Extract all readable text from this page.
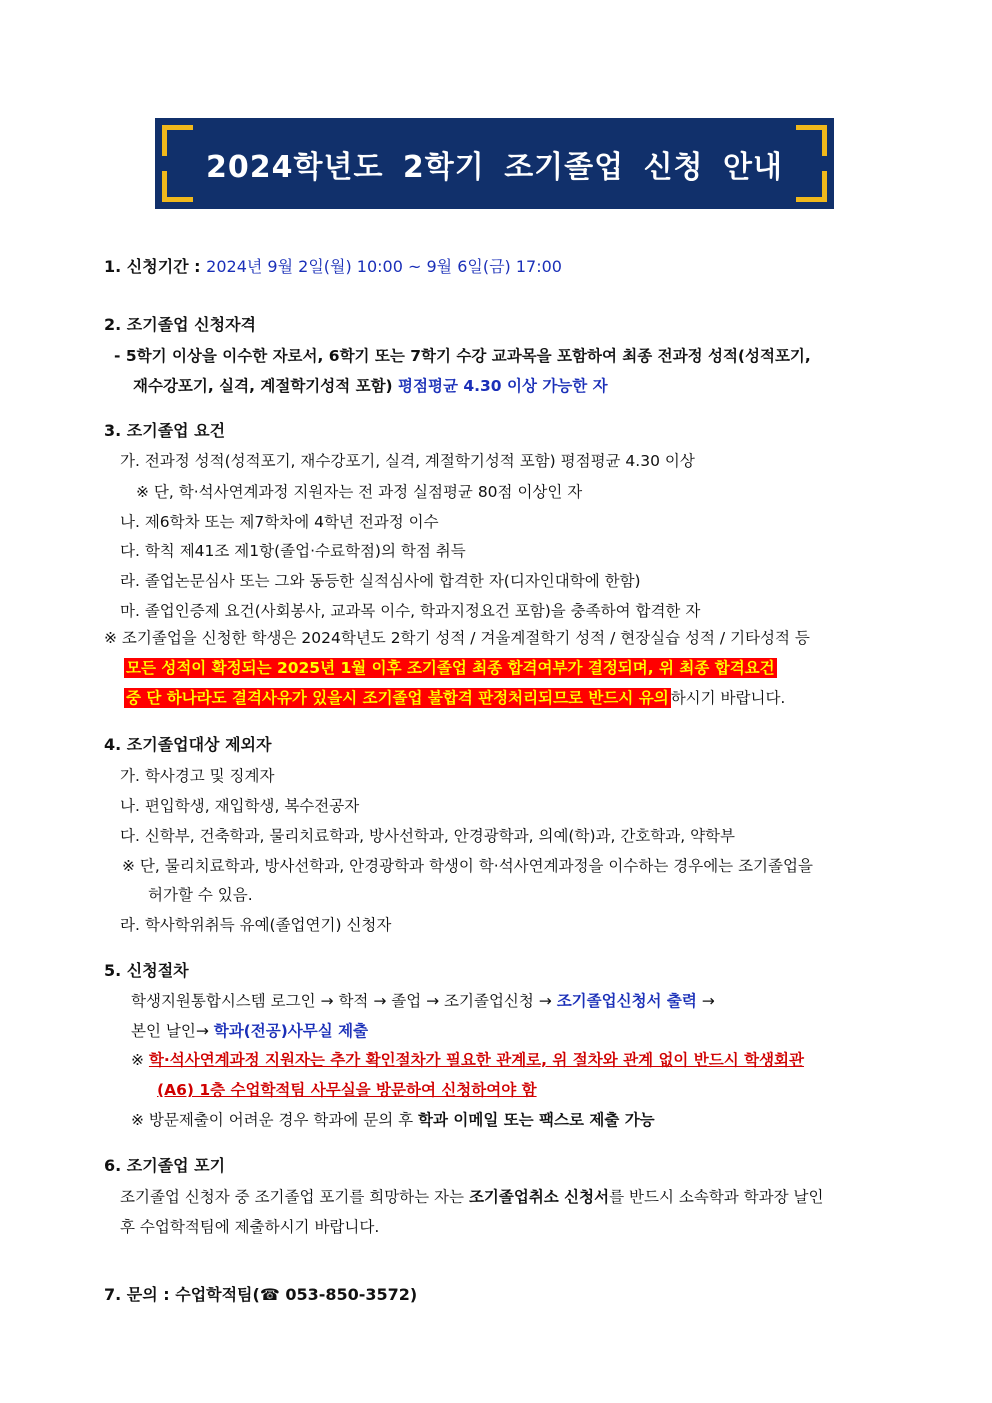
2024학년도 2학기 조기졸업 신청 안내
1. 신청기간 : 2024년 9월 2일(월) 10:00 ~ 9월 6일(금) 17:00
2. 조기졸업 신청자격
- 5학기 이상을 이수한 자로서, 6학기 또는 7학기 수강 교과목을 포함하여 최종 전과정 성적(성적포기,
재수강포기, 실격, 계절학기성적 포함) 평점평균 4.30 이상 가능한 자
3. 조기졸업 요건
가. 전과정 성적(성적포기, 재수강포기, 실격, 계절학기성적 포함) 평점평균 4.30 이상
※ 단, 학·석사연계과정 지원자는 전 과정 실점평균 80점 이상인 자
나. 제6학차 또는 제7학차에 4학년 전과정 이수
다. 학칙 제41조 제1항(졸업·수료학점)의 학점 취득
라. 졸업논문심사 또는 그와 동등한 실적심사에 합격한 자(디자인대학에 한함)
마. 졸업인증제 요건(사회봉사, 교과목 이수, 학과지정요건 포함)을 충족하여 합격한 자
※ 조기졸업을 신청한 학생은 2024학년도 2학기 성적 / 겨울계절학기 성적 / 현장실습 성적 / 기타성적 등
모든 성적이 확정되는 2025년 1월 이후 조기졸업 최종 합격여부가 결정되며, 위 최종 합격요건
중 단 하나라도 결격사유가 있을시 조기졸업 불합격 판정처리되므로 반드시 유의 하시기 바랍니다.
4. 조기졸업대상 제외자
가. 학사경고 및 징계자
나. 편입학생, 재입학생, 복수전공자
다. 신학부, 건축학과, 물리치료학과, 방사선학과, 안경광학과, 의예(학)과, 간호학과, 약학부
※ 단, 물리치료학과, 방사선학과, 안경광학과 학생이 학·석사연계과정을 이수하는 경우에는 조기졸업을
허가할 수 있음.
라. 학사학위취득 유예(졸업연기) 신청자
5. 신청절차
학생지원통합시스템 로그인 → 학적 → 졸업 → 조기졸업신청 → 조기졸업신청서 출력 →
본인 날인→ 학과(전공)사무실 제출
※ 학·석사연계과정 지원자는 추가 확인절차가 필요한 관계로, 위 절차와 관계 없이 반드시 학생회관
(A6) 1층 수업학적팀 사무실을 방문하여 신청하여야 함
※ 방문제출이 어려운 경우 학과에 문의 후 학과 이메일 또는 팩스로 제출 가능
6. 조기졸업 포기
조기졸업 신청자 중 조기졸업 포기를 희망하는 자는 조기졸업취소 신청서를 반드시 소속학과 학과장 날인
후 수업학적팀에 제출하시기 바랍니다.
7. 문의 : 수업학적팀(☎ 053-850-3572)
